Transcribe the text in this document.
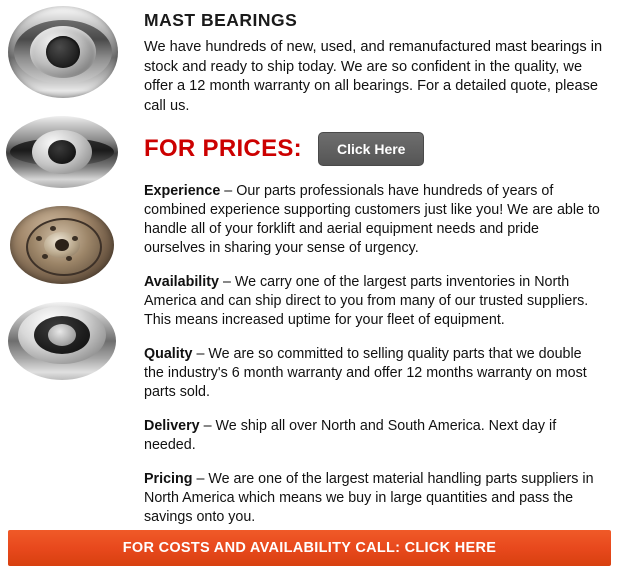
MAST BEARINGS

We have hundreds of new, used, and remanufactured mast bearings in stock and ready to ship today. We are so confident in the quality, we offer a 12 month warranty on all bearings. For a detailed quote, please call us.

FOR PRICES:	Click Here

Experience – Our parts professionals have hundreds of years of combined experience supporting customers just like you! We are able to handle all of your forklift and aerial equipment needs and pride ourselves in sharing your sense of urgency.

Availability – We carry one of the largest parts inventories in North America and can ship direct to you from many of our trusted suppliers. This means increased uptime for your fleet of equipment.

Quality – We are so committed to selling quality parts that we double the industry's 6 month warranty and offer 12 months warranty on most parts sold.

Delivery – We ship all over North and South America. Next day if needed.

Pricing – We are one of the largest material handling parts suppliers in North America which means we buy in large quantities and pass the savings onto you.

FOR COSTS AND AVAILABILITY CALL: CLICK HERE
